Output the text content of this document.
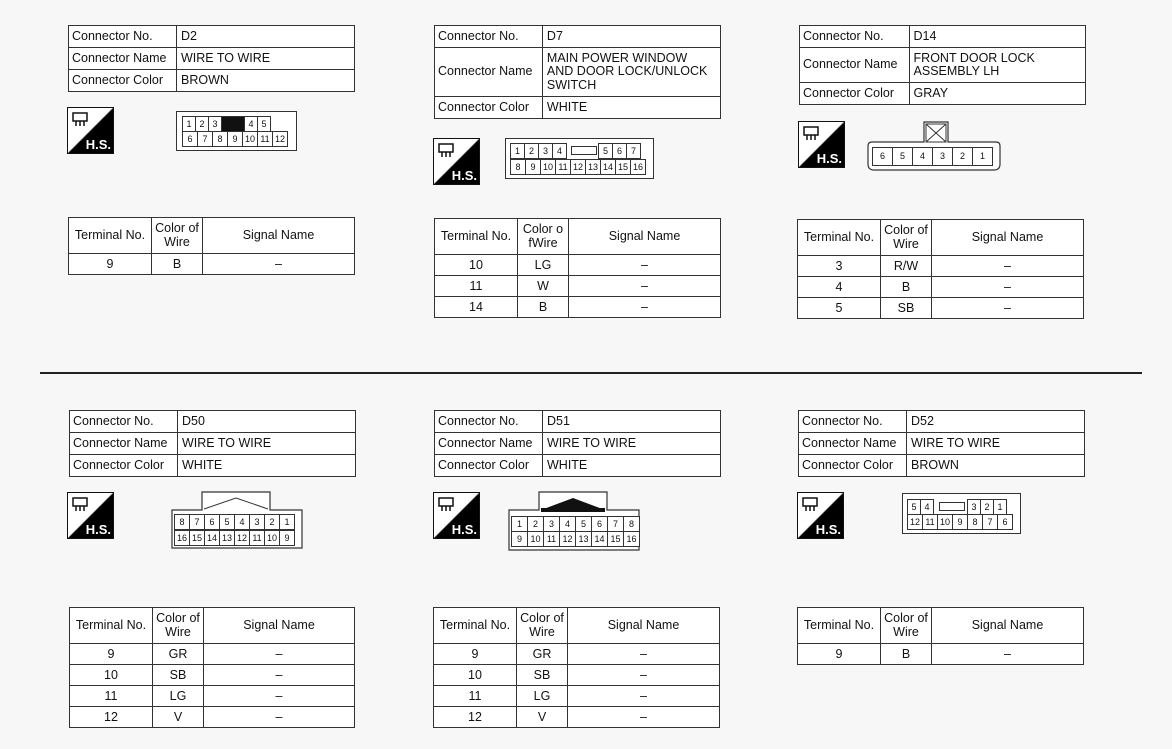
Connector No.	D2
Connector Name	WIRE TO WIRE
Connector Color	BROWN
H.S.
1 2 3	4 5
6	7	8	9 10 11 12
Terminal No.	Color of Wire	Signal Name
9	B	–
Connector No.	D7
Connector Name	MAIN POWER WINDOW AND DOOR LOCK/UNLOCK SWITCH
Connector Color	WHITE
H.S.
1 2 3 4	5 6 7
8	9 10 11 12 13 14 15 16
Terminal No.	Color o fWire	Signal Name
10	LG	–
11	W	–
14	B	–
Connector No.	D14
Connector Name	FRONT DOOR LOCK ASSEMBLY LH
Connector Color	GRAY
H.S.	6	5	4	3	2	1
Terminal No.	Color of Wire	Signal Name
3	R/W	–
4	B	–
5	SB	–
Connector No.	D50
Connector Name	WIRE TO WIRE
Connector Color	WHITE
H.S.	8	7	6	5	4	3	2	1
16 15 14 13 12 11 10 9
Terminal No.	Color of Wire	Signal Name
9	GR	–
10	SB	–
11	LG	–
12	V	–
Connector No.	D51
Connector Name	WIRE TO WIRE
Connector Color	WHITE
H.S.	1	2	3	4	5	6	7	8
9 10 11 12 13 14 15 16
Terminal No.	Color of Wire	Signal Name
9	GR	–
10	SB	–
11	LG	–
12	V	–
Connector No.	D52
Connector Name	WIRE TO WIRE
Connector Color	BROWN
H.S.
5 4	3 2 1
12 11 10 9	8	7	6
Terminal No.	Color of Wire	Signal Name
9	B	–
